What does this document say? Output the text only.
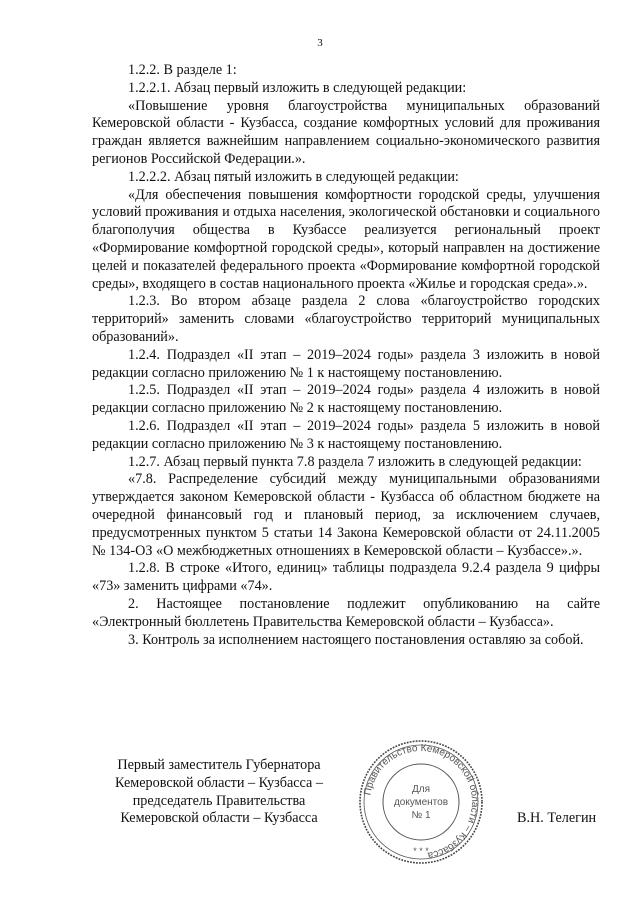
3

1.2.2. В разделе 1:

1.2.2.1. Абзац первый изложить в следующей редакции:

«Повышение уровня благоустройства муниципальных образований Кемеровской области - Кузбасса, создание комфортных условий для проживания граждан является важнейшим направлением социально-экономического развития регионов Российской Федерации.».

1.2.2.2. Абзац пятый изложить в следующей редакции:

«Для обеспечения повышения комфортности городской среды, улучшения условий проживания и отдыха населения, экологической обстановки и социального благополучия общества в Кузбассе реализуется региональный проект «Формирование комфортной городской среды», который направлен на достижение целей и показателей федерального проекта «Формирование комфортной городской среды», входящего в состав национального проекта «Жилье и городская среда».».

1.2.3. Во втором абзаце раздела 2 слова «благоустройство городских территорий» заменить словами «благоустройство территорий муниципальных образований».

1.2.4. Подраздел «II этап – 2019–2024 годы» раздела 3 изложить в новой редакции согласно приложению № 1 к настоящему постановлению.

1.2.5. Подраздел «II этап – 2019–2024 годы» раздела 4 изложить в новой редакции согласно приложению № 2 к настоящему постановлению.

1.2.6. Подраздел «II этап – 2019–2024 годы» раздела 5 изложить в новой редакции согласно приложению № 3 к настоящему постановлению.

1.2.7. Абзац первый пункта 7.8 раздела 7 изложить в следующей редакции:

«7.8. Распределение субсидий между муниципальными образованиями утверждается законом Кемеровской области - Кузбасса об областном бюджете на очередной финансовый год и плановый период, за исключением случаев, предусмотренных пунктом 5 статьи 14 Закона Кемеровской области от 24.11.2005 № 134-ОЗ «О межбюджетных отношениях в Кемеровской области – Кузбассе».».

1.2.8. В строке «Итого, единиц» таблицы подраздела 9.2.4 раздела 9 цифры «73» заменить цифрами «74».

2. Настоящее постановление подлежит опубликованию на сайте «Электронный бюллетень Правительства Кемеровской области – Кузбасса».

3. Контроль за исполнением настоящего постановления оставляю за собой.

Первый заместитель Губернатора
Кемеровской области – Кузбасса –
председатель Правительства
Кемеровской области – Кузбасса
Правительство Кемеровской области – Кузбасса
* * *
Для
документов
№ 1	В.Н. Телегин
